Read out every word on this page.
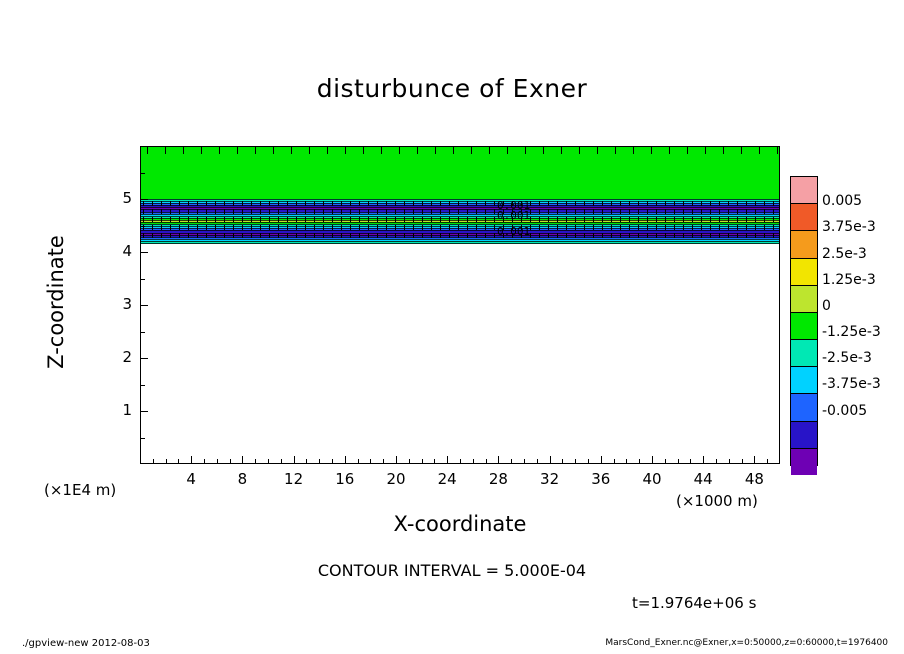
disturbunce of Exner
0.001
0.001
0.001
4	8	12	16	20	24	28	32	36	40	44	48
1
2
3
4
5
X-coordinate
Z-coordinate
(×1000 m)
(×1E4 m)
0.005
3.75e-3
2.5e-3
1.25e-3
0
-1.25e-3
-2.5e-3
-3.75e-3
-0.005
CONTOUR INTERVAL = 5.000E-04
t=1.9764e+06 s
./gpview-new 2012-08-03	MarsCond_Exner.nc@Exner,x=0:50000,z=0:60000,t=1976400
